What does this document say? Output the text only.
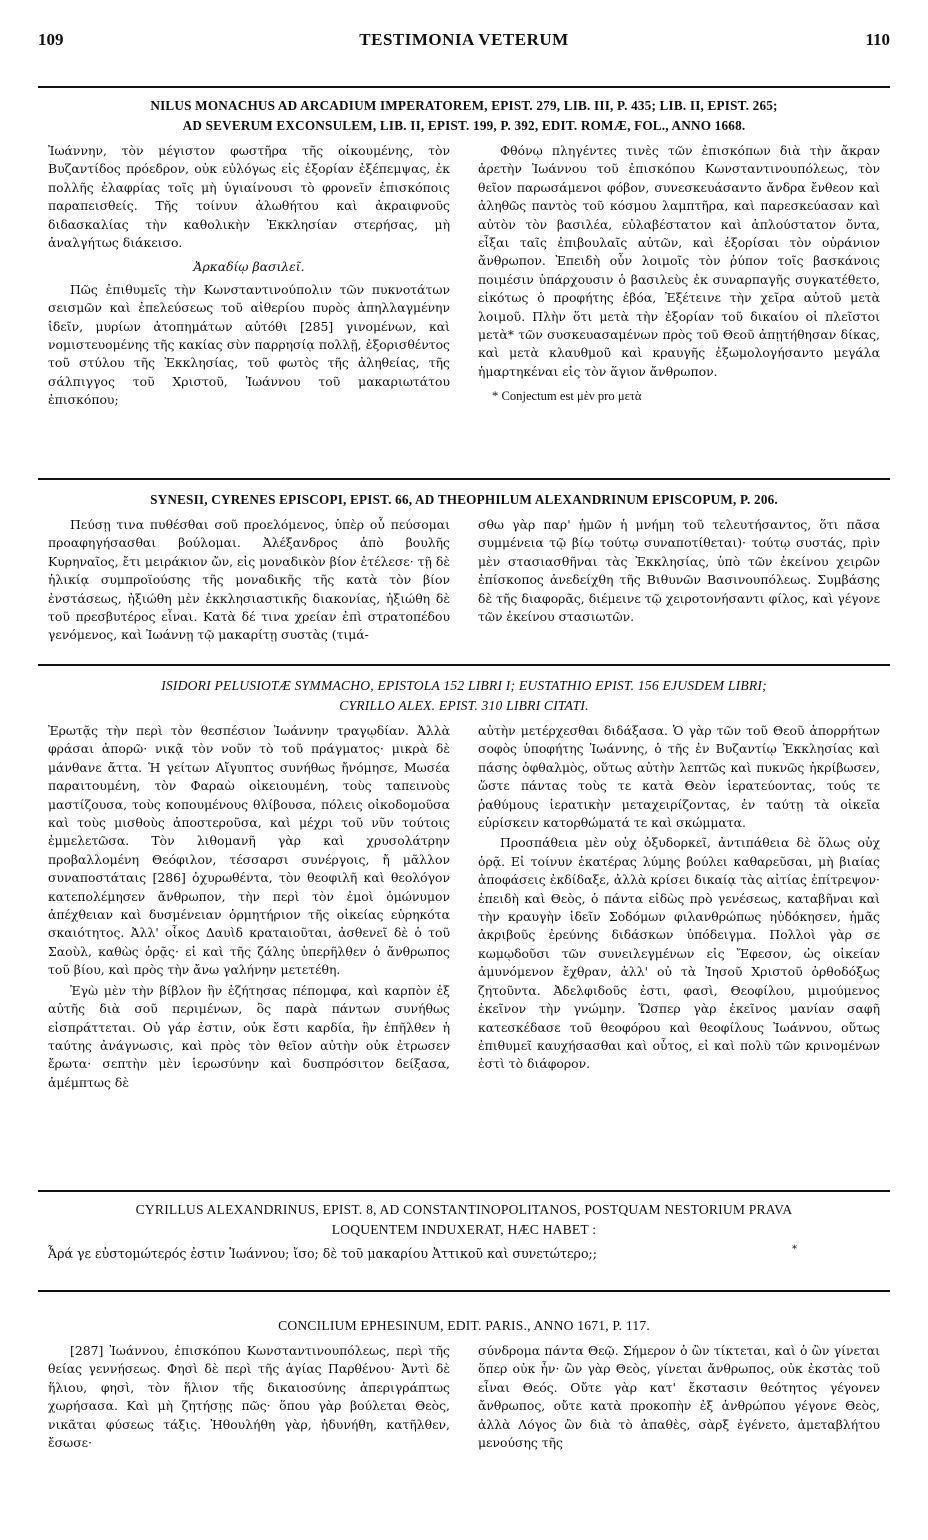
109	TESTIMONIA VETERUM	110
NILUS MONACHUS AD ARCADIUM IMPERATOREM, EPIST. 279, LIB. III, P. 435; LIB. II, EPIST. 265;
AD SEVERUM EXCONSULEM, LIB. II, EPIST. 199, P. 392, EDIT. ROMÆ, FOL., ANNO 1668.

Ἰωάννην, τὸν μέγιστον φωστῆρα τῆς οἰκουμένης, τὸν Βυζαντίδος πρόεδρον, οὐκ εὐλόγως εἰς ἐξορίαν ἐξέπεμψας, ἐκ πολλῆς ἐλαφρίας τοῖς μὴ ὑγιαίνουσι τὸ φρονεῖν ἐπισκόποις παραπεισθείς. Τῆς τοίνυν ἀλωθήτου καὶ ἀκραιφνοῦς διδασκαλίας τὴν καθολικὴν Ἐκκλησίαν στερήσας, μὴ ἀναλγήτως διάκεισο.

Ἀρκαδίῳ βασιλεῖ.

Πῶς ἐπιθυμεῖς τὴν Κωνσταντινούπολιν τῶν πυκνοτάτων σεισμῶν καὶ ἐπελεύσεως τοῦ αἰθερίου πυρὸς ἀπηλλαγμένην ἰδεῖν, μυρίων ἀτοπημάτων αὐτόθι [285] γινομένων, καὶ νομιστευομένης τῆς κακίας σὺν παρρησίᾳ πολλῇ, ἐξορισθέντος τοῦ στύλου τῆς Ἐκκλησίας, τοῦ φωτὸς τῆς ἀληθείας, τῆς σάλπιγγος τοῦ Χριστοῦ, Ἰωάννου τοῦ μακαριωτάτου ἐπισκόπου;

Φθόνῳ πληγέντες τινὲς τῶν ἐπισκόπων διὰ τὴν ἄκραν ἀρετὴν Ἰωάννου τοῦ ἐπισκόπου Κωνσταντινουπόλεως, τὸν θεῖον παρωσάμενοι φόβον, συνεσκευάσαντο ἄνδρα ἔνθεον καὶ ἀληθῶς παντὸς τοῦ κόσμου λαμπτῆρα, καὶ παρεσκεύασαν καὶ αὐτὸν τὸν βασιλέα, εὐλαβέστατον καὶ ἁπλούστατον ὄντα, εἶξαι ταῖς ἐπιβουλαῖς αὐτῶν, καὶ ἐξορίσαι τὸν οὐράνιον ἄνθρωπον. Ἐπειδὴ οὖν λοιμοῖς τὸν ῥύπον τοῖς βασκάνοις ποιμέσιν ὑπάρχουσιν ὁ βασιλεὺς ἐκ συναρπαγῆς συγκατέθετο, εἰκότως ὁ προφήτης ἐβόα, Ἐξέτεινε τὴν χεῖρα αὐτοῦ μετὰ λοιμοῦ. Πλὴν ὅτι μετὰ τὴν ἐξορίαν τοῦ δικαίου οἱ πλεῖστοι μετὰ* τῶν συσκευασαμένων πρὸς τοῦ Θεοῦ ἀπῃτήθησαν δίκας, καὶ μετὰ κλαυθμοῦ καὶ κραυγῆς ἐξωμολογήσαντο μεγάλα ἡμαρτηκέναι εἰς τὸν ἅγιον ἄνθρωπον.

* Conjectum est μὲν pro μετὰ

SYNESII, CYRENES EPISCOPI, EPIST. 66, AD THEOPHILUM ALEXANDRINUM EPISCOPUM, P. 206.

Πεύσῃ τινα πυθέσθαι σοῦ προελόμενος, ὑπὲρ οὗ πεύσομαι προαφηγήσασθαι βούλομαι. Ἀλέξανδρος ἀπὸ βουλῆς Κυρηναῖος, ἔτι μειράκιον ὤν, εἰς μοναδικὸν βίον ἐτέλεσε· τῇ δὲ ἡλικίᾳ συμπροϊούσης τῆς μοναδικῆς τῆς κατὰ τὸν βίον ἐνστάσεως, ἠξιώθη μὲν ἐκκλησιαστικῆς διακονίας, ἠξιώθη δὲ τοῦ πρεσβυτέρος εἶναι. Κατὰ δέ τινα χρείαν ἐπὶ στρατοπέδου γενόμενος, καὶ Ἰωάννῃ τῷ μακαρίτῃ συστὰς (τιμά-

σθω γὰρ παρ' ἡμῶν ἡ μνήμη τοῦ τελευτήσαντος, ὅτι πᾶσα συμμένεια τῷ βίῳ τούτῳ συναποτίθεται)· τούτῳ συστάς, πρὶν μὲν στασιασθῆναι τὰς Ἐκκλησίας, ὑπὸ τῶν ἐκείνου χειρῶν ἐπίσκοπος ἀνεδείχθη τῆς Βιθυνῶν Βασινουπόλεως. Συμβάσης δὲ τῆς διαφορᾶς, διέμεινε τῷ χειροτονήσαντι φίλος, καὶ γέγονε τῶν ἐκείνου στασιωτῶν.

ISIDORI PELUSIOTÆ SYMMACHO, EPISTOLA 152 LIBRI I; EUSTATHIO EPIST. 156 EJUSDEM LIBRI;
CYRILLO ALEX. EPIST. 310 LIBRI CITATI.

Ἐρωτᾷς τὴν περὶ τὸν θεσπέσιον Ἰωάννην τραγῳδίαν. Ἀλλὰ φράσαι ἀπορῶ· νικᾷ τὸν νοῦν τὸ τοῦ πράγματος· μικρὰ δὲ μάνθανε ἄττα. Ἡ γείτων Αἴγυπτος συνήθως ἤνόμησε, Μωσέα παραιτουμένη, τὸν Φαραὼ οἰκειουμένη, τοὺς ταπεινοὺς μαστίζουσα, τοὺς κοπουμένους θλίβουσα, πόλεις οἰκοδομοῦσα καὶ τοὺς μισθοὺς ἀποστεροῦσα, καὶ μέχρι τοῦ νῦν τούτοις ἐμμελετῶσα. Τὸν λιθομανῆ γὰρ καὶ χρυσολάτρην προβαλλομένη Θεόφιλον, τέσσαρσι συνέργοις, ἤ μᾶλλον συναποστάταις [286] ὀχυρωθέντα, τὸν θεοφιλῆ καὶ θεολόγον κατεπολέμησεν ἄνθρωπον, τὴν περὶ τὸν ἐμοὶ ὁμώνυμον ἀπέχθειαν καὶ δυσμένειαν ὁρμητήριον τῆς οἰκείας εὑρηκότα σκαιότητος. Ἀλλ' οἶκος Δαυὶδ κραταιοῦται, ἀσθενεῖ δὲ ὁ τοῦ Σαοὺλ, καθὼς ὁρᾷς· εἰ καὶ τῆς ζάλης ὑπερῆλθεν ὁ ἄνθρωπος τοῦ βίου, καὶ πρὸς τὴν ἄνω γαλήνην μετετέθη.

Ἐγὼ μὲν τὴν βίβλον ἣν ἐζήτησας πέπομφα, καὶ καρπὸν ἐξ αὐτῆς διὰ σοῦ περιμένων, ὃς παρὰ πάντων συνήθως εἰσπράττεται. Οὐ γάρ ἐστιν, οὐκ ἔστι καρδία, ἣν ἐπῆλθεν ἡ ταύτης ἀνάγνωσις, καὶ πρὸς τὸν θεῖον αὐτὴν οὐκ ἐτρωσεν ἔρωτα· σεπτὴν μὲν ἱερωσύνην καὶ δυσπρόσιτον δείξασα, ἀμέμπτως δὲ

αὐτὴν μετέρχεσθαι διδάξασα. Ὁ γὰρ τῶν τοῦ Θεοῦ ἀπορρήτων σοφὸς ὑποφήτης Ἰωάννης, ὁ τῆς ἐν Βυζαντίῳ Ἐκκλησίας καὶ πάσης ὀφθαλμὸς, οὕτως αὐτὴν λεπτῶς καὶ πυκνῶς ἠκρίβωσεν, ὥστε πάντας τοὺς τε κατὰ Θεὸν ἱερατεύοντας, τούς τε ῥαθύμους ἱερατικὴν μεταχειρίζοντας, ἐν ταύτῃ τὰ οἰκεῖα εὑρίσκειν κατορθώματά τε καὶ σκώμματα.

Προσπάθεια μὲν οὐχ ὀξυδορκεῖ, ἀντιπάθεια δὲ ὅλως οὐχ ὁρᾷ. Εἰ τοίνυν ἑκατέρας λύμης βούλει καθαρεῦσαι, μὴ βιαίας ἀποφάσεις ἐκδίδαξε, ἀλλὰ κρίσει δικαίᾳ τὰς αἰτίας ἐπίτρεψον· ἐπειδὴ καὶ Θεὸς, ὁ πάντα εἰδὼς πρὸ γενέσεως, καταβῆναι καὶ τὴν κραυγὴν ἰδεῖν Σοδόμων φιλανθρώπως ηὐδόκησεν, ἡμᾶς ἀκριβοῦς ἐρεύνης διδάσκων ὑπόδειγμα. Πολλοὶ γὰρ σε κωμῳδοῦσι τῶν συνειλεγμένων εἰς Ἔφεσον, ὡς οἰκείαν ἀμυνόμενον ἔχθραν, ἀλλ' οὐ τὰ Ἰησοῦ Χριστοῦ ὀρθοδόξως ζητοῦντα. Ἀδελφιδοῦς ἐστι, φασὶ, Θεοφίλου, μιμούμενος ἐκεῖνον τὴν γνώμην. Ὥσπερ γὰρ ἐκεῖνος μανίαν σαφῆ κατεσκέδασε τοῦ θεοφόρου καὶ θεοφίλους Ἰωάννου, οὕτως ἐπιθυμεῖ καυχήσασθαι καὶ οὗτος, εἰ καὶ πολὺ τῶν κρινομένων ἐστὶ τὸ διάφορον.

CYRILLUS ALEXANDRINUS, EPIST. 8, AD CONSTANTINOPOLITANOS, POSTQUAM NESTORIUM PRAVA
LOQUENTEM INDUXERAT, HÆC HABET :
Ἆρά γε εὐστομώτερός ἐστιν Ἰωάννου; ἴσο; δὲ τοῦ μακαρίου Ἀττικοῦ καὶ συνετώτερο;;	*
CONCILIUM EPHESINUM, EDIT. PARIS., ANNO 1671, P. 117.

[287] Ἰωάννου, ἐπισκόπου Κωνσταντινουπόλεως, περὶ τῆς θείας γεννήσεως. Φησὶ δὲ περὶ τῆς ἁγίας Παρθένου· Ἀντὶ δὲ ἥλιου, φησὶ, τὸν ἥλιον τῆς δικαιοσύνης ἀπεριγράπτως χωρήσασα. Καὶ μὴ ζητήσῃς πῶς· ὅπου γὰρ βούλεται Θεὸς, νικᾶται φύσεως τάξις. Ἠθουλήθη γὰρ, ἠδυνήθη, κατῆλθεν, ἔσωσε·

σύνδρομα πάντα Θεῷ. Σήμερον ὁ ὢν τίκτεται, καὶ ὁ ὢν γίνεται ὅπερ οὐκ ἦν· ὢν γὰρ Θεὸς, γίνεται ἄνθρωπος, οὐκ ἐκστὰς τοῦ εἶναι Θεός. Οὔτε γὰρ κατ' ἔκστασιν θεότητος γέγονεν ἄνθρωπος, οὔτε κατὰ προκοπὴν ἐξ ἀνθρώπου γέγονε Θεὸς, ἀλλὰ Λόγος ὢν διὰ τὸ ἀπαθὲς, σὰρξ ἐγένετο, ἀμεταβλήτου μενούσης τῆς
